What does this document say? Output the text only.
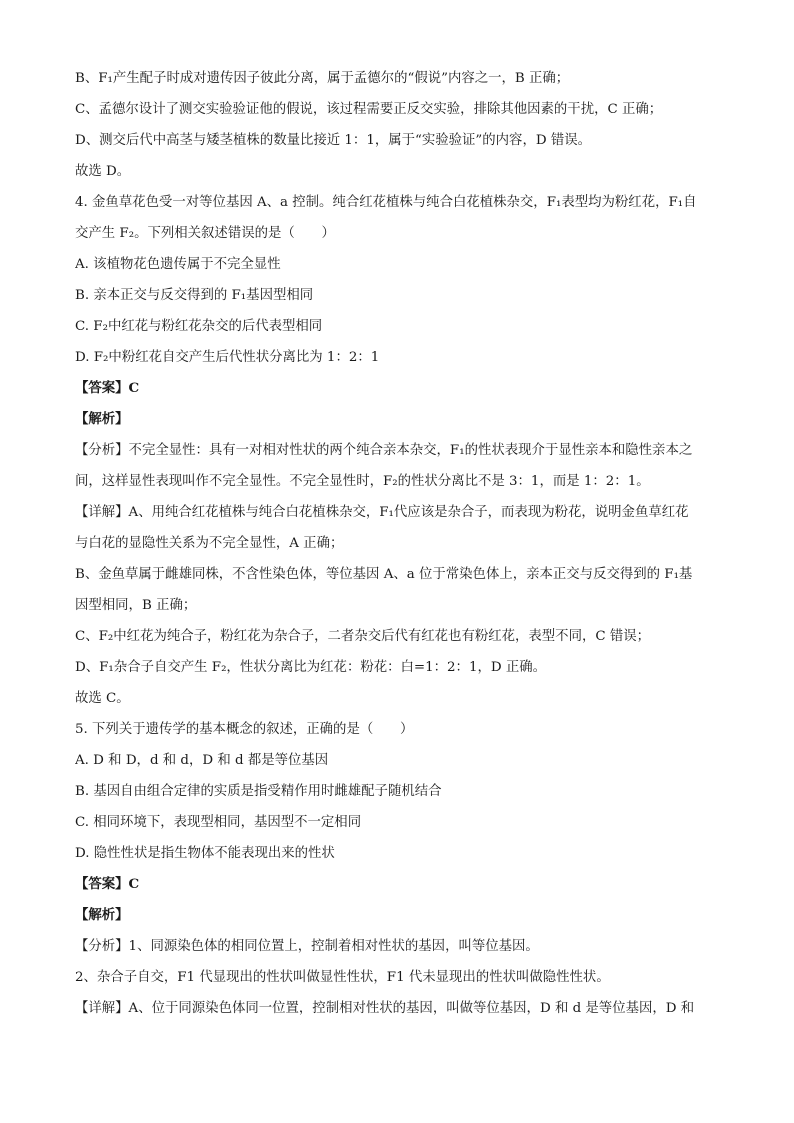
B、F₁产生配子时成对遗传因子彼此分离，属于孟德尔的“假说”内容之一，B 正确；
C、孟德尔设计了测交实验验证他的假说，该过程需要正反交实验，排除其他因素的干扰，C 正确；
D、测交后代中高茎与矮茎植株的数量比接近 1：1，属于“实验验证”的内容，D 错误。
故选 D。
4. 金鱼草花色受一对等位基因 A、a 控制。纯合红花植株与纯合白花植株杂交，F₁表型均为粉红花，F₁自
交产生 F₂。下列相关叙述错误的是（　　）
A. 该植物花色遗传属于不完全显性
B. 亲本正交与反交得到的 F₁基因型相同
C. F₂中红花与粉红花杂交的后代表型相同
D. F₂中粉红花自交产生后代性状分离比为 1：2：1
【答案】C
【解析】
【分析】不完全显性：具有一对相对性状的两个纯合亲本杂交，F₁的性状表现介于显性亲本和隐性亲本之
间，这样显性表现叫作不完全显性。不完全显性时，F₂的性状分离比不是 3：1，而是 1：2：1。
【详解】A、用纯合红花植株与纯合白花植株杂交，F₁代应该是杂合子，而表现为粉花，说明金鱼草红花
与白花的显隐性关系为不完全显性，A 正确；
B、金鱼草属于雌雄同株，不含性染色体，等位基因 A、a 位于常染色体上，亲本正交与反交得到的 F₁基
因型相同，B 正确；
C、F₂中红花为纯合子，粉红花为杂合子，二者杂交后代有红花也有粉红花，表型不同，C 错误；
D、F₁杂合子自交产生 F₂，性状分离比为红花：粉花：白=1：2：1，D 正确。
故选 C。
5. 下列关于遗传学的基本概念的叙述，正确的是（　　）
A. D 和 D，d 和 d，D 和 d 都是等位基因
B. 基因自由组合定律的实质是指受精作用时雌雄配子随机结合
C. 相同环境下，表现型相同，基因型不一定相同
D. 隐性性状是指生物体不能表现出来的性状
【答案】C
【解析】
【分析】1、同源染色体的相同位置上，控制着相对性状的基因，叫等位基因。
2、杂合子自交，F1 代显现出的性状叫做显性性状，F1 代未显现出的性状叫做隐性性状。
【详解】A、位于同源染色体同一位置，控制相对性状的基因，叫做等位基因，D 和 d 是等位基因，D 和
